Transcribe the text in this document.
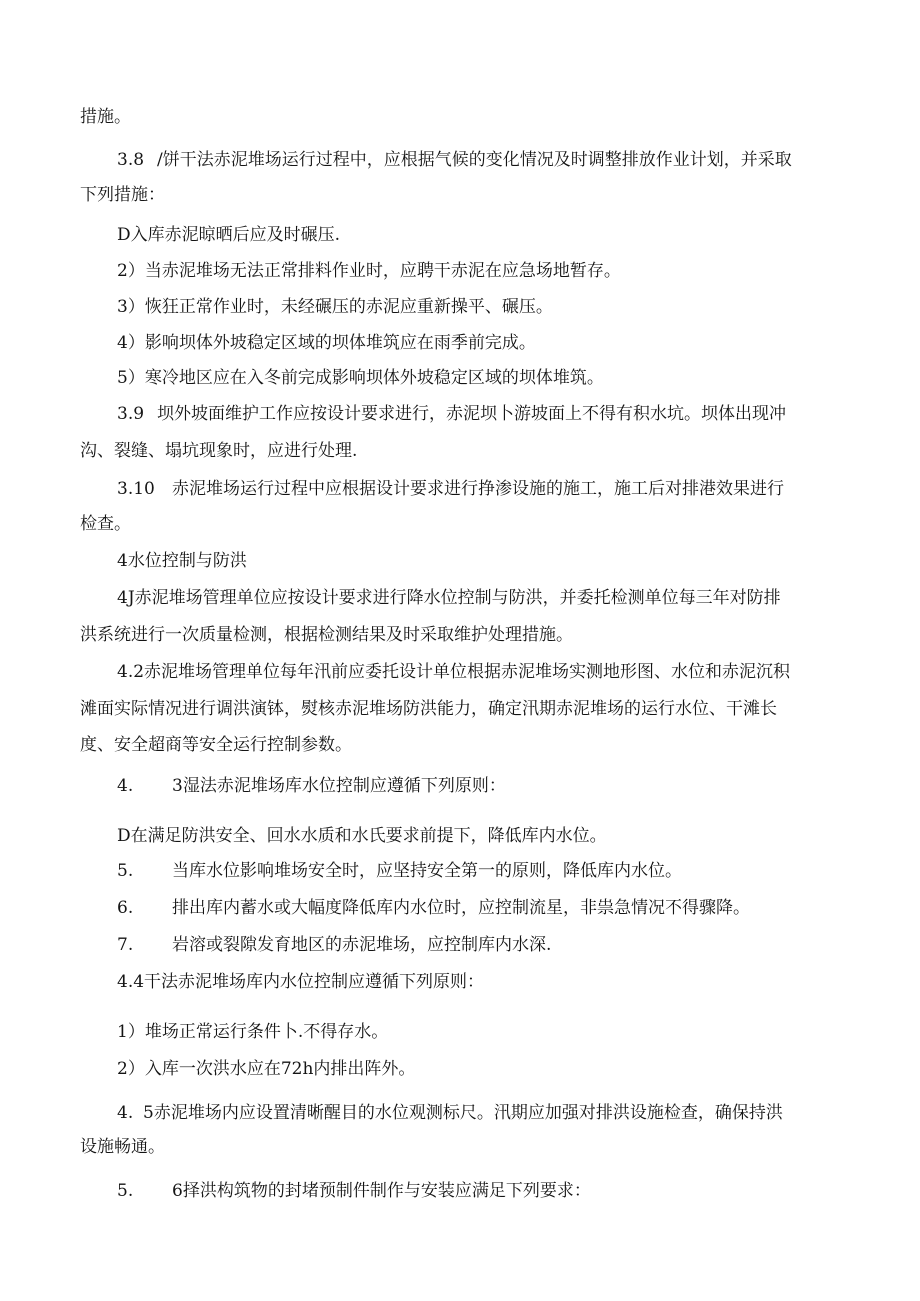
措施。
3.8 /饼干法赤泥堆场运行过程中，应根据气候的变化情况及时调整排放作业计划，并采取
下列措施：
D入库赤泥晾晒后应及时碾压.
2）当赤泥堆场无法正常排料作业时，应聘干赤泥在应急场地暂存。
3）恢狂正常作业时，未经碾压的赤泥应重新操平、碾压。
4）影响坝体外坡稳定区域的坝体堆筑应在雨季前完成。
5）寒冷地区应在入冬前完成影响坝体外坡稳定区域的坝体堆筑。
3.9 坝外坡面维护工作应按设计要求进行，赤泥坝卜游坡面上不得有积水坑。坝体出现冲
沟、裂缝、塌坑现象时，应进行处理.
3.10 赤泥堆场运行过程中应根据设计要求进行挣渗设施的施工，施工后对排港效果进行
检查。
4水位控制与防洪
4J赤泥堆场管理单位应按设计要求进行降水位控制与防洪，并委托检测单位每三年对防排
洪系统进行一次质量检测，根据检测结果及时采取维护处理措施。
4.2赤泥堆场管理单位每年汛前应委托设计单位根据赤泥堆场实测地形图、水位和赤泥沉积
滩面实际情况进行调洪演钵，熨核赤泥堆场防洪能力，确定汛期赤泥堆场的运行水位、干滩长
度、安全超商等安全运行控制参数。
4. 3湿法赤泥堆场库水位控制应遵循下列原则：
D在满足防洪安全、回水水质和水氏要求前提下，降低库内水位。
5. 当库水位影响堆场安全时，应坚持安全第一的原则，降低库内水位。
6. 排出库内蓄水或大幅度降低库内水位时，应控制流星，非祟急情况不得骤降。
7. 岩溶或裂隙发育地区的赤泥堆场，应控制库内水深.
4.4干法赤泥堆场库内水位控制应遵循下列原则：
1）堆场正常运行条件卜.不得存水。
2）入库一次洪水应在72h内排出阵外。
4. 5赤泥堆场内应设置清晰醒目的水位观测标尺。汛期应加强对排洪设施检查，确保持洪
设施畅通。
5. 6择洪构筑物的封堵预制件制作与安装应满足下列要求：
